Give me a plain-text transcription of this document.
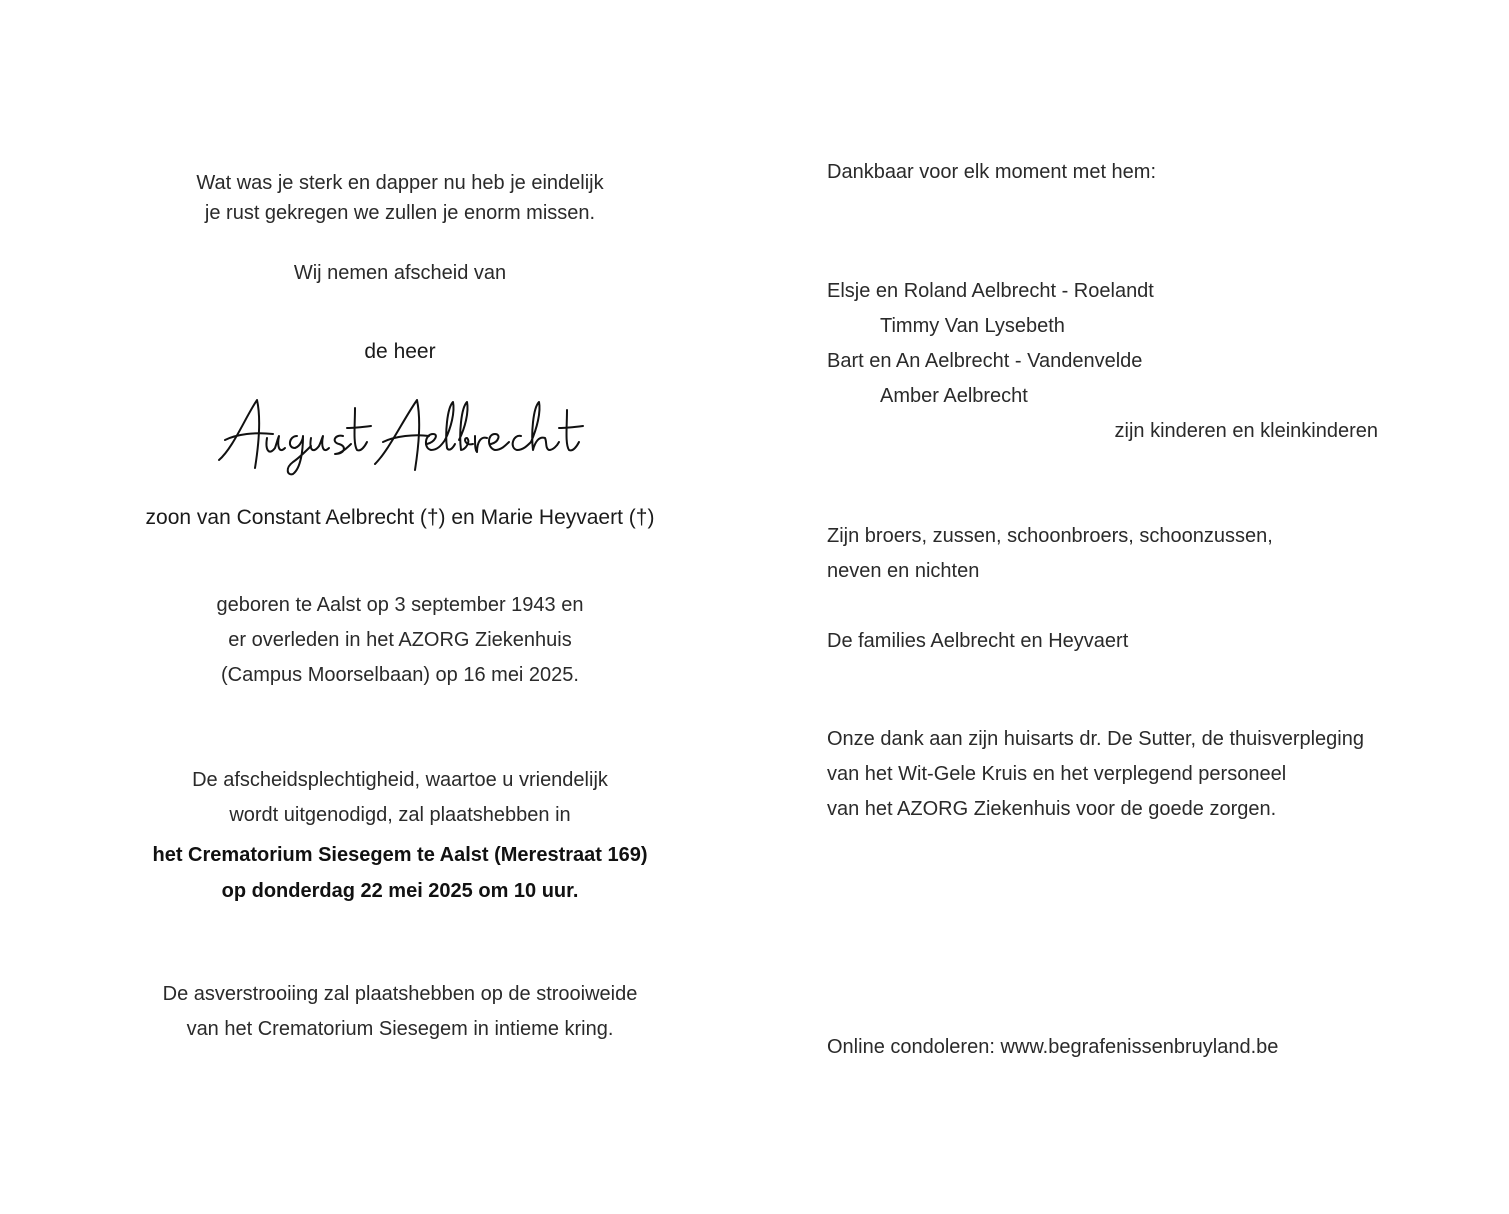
Wat was je sterk en dapper nu heb je eindelijk
je rust gekregen we zullen je enorm missen.
Wij nemen afscheid van
de heer
zoon van Constant Aelbrecht (†) en Marie Heyvaert (†)
geboren te Aalst op 3 september 1943 en
er overleden in het AZORG Ziekenhuis
(Campus Moorselbaan) op 16 mei 2025.
De afscheidsplechtigheid, waartoe u vriendelijk
wordt uitgenodigd, zal plaatshebben in
het Crematorium Siesegem te Aalst (Merestraat 169)
op donderdag 22 mei 2025 om 10 uur.
De asverstrooiing zal plaatshebben op de strooiweide
van het Crematorium Siesegem in intieme kring.
Dankbaar voor elk moment met hem:
Elsje en Roland Aelbrecht - Roelandt
Timmy Van Lysebeth
Bart en An Aelbrecht - Vandenvelde
Amber Aelbrecht
zijn kinderen en kleinkinderen
Zijn broers, zussen, schoonbroers, schoonzussen,
neven en nichten
De families Aelbrecht en Heyvaert
Onze dank aan zijn huisarts dr. De Sutter, de thuisverpleging
van het Wit-Gele Kruis en het verplegend personeel
van het AZORG Ziekenhuis voor de goede zorgen.
Online condoleren: www.begrafenissenbruyland.be
